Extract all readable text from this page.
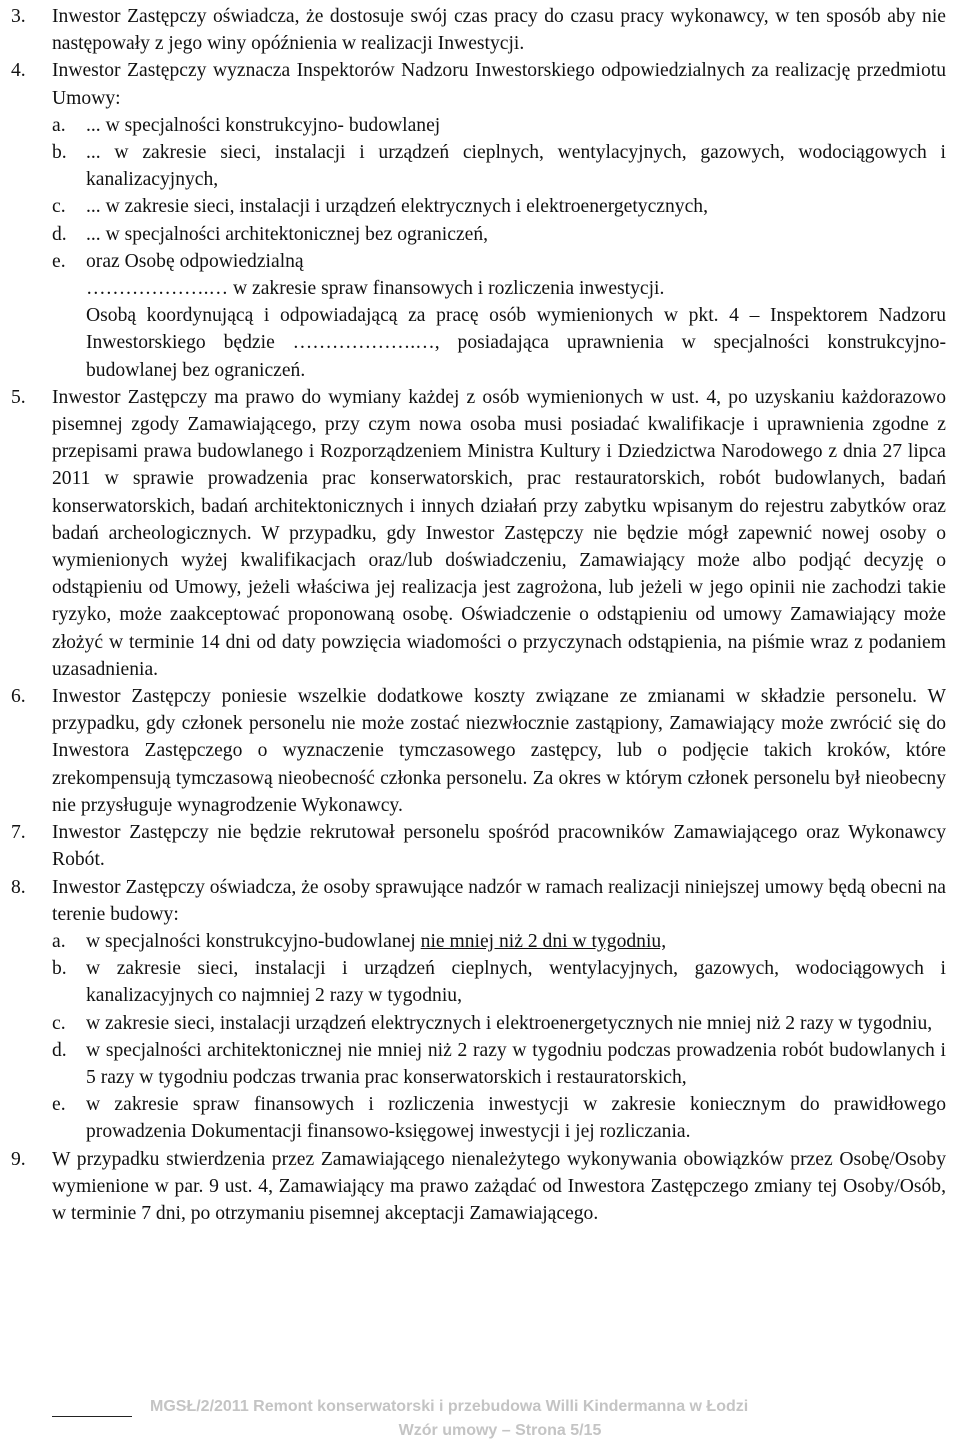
3. Inwestor Zastępczy oświadcza, że dostosuje swój czas pracy do czasu pracy wykonawcy, w ten sposób aby nie następowały z jego winy opóźnienia w realizacji Inwestycji.
4. Inwestor Zastępczy wyznacza Inspektorów Nadzoru Inwestorskiego odpowiedzialnych za realizację przedmiotu Umowy:
a. ... w specjalności konstrukcyjno- budowlanej
b. ... w zakresie sieci, instalacji i urządzeń cieplnych, wentylacyjnych, gazowych, wodociągowych i kanalizacyjnych,
c. ... w zakresie sieci, instalacji i urządzeń elektrycznych i elektroenergetycznych,
d. ... w specjalności architektonicznej bez ograniczeń,
e. oraz Osobę odpowiedzialną
……………….… w zakresie spraw finansowych i rozliczenia inwestycji.
Osobą koordynującą i odpowiadającą za pracę osób wymienionych w pkt. 4 – Inspektorem Nadzoru Inwestorskiego będzie ……………….…, posiadająca uprawnienia w specjalności konstrukcyjno-budowlanej bez ograniczeń.
5. Inwestor Zastępczy ma prawo do wymiany każdej z osób wymienionych w ust. 4, po uzyskaniu każdorazowo pisemnej zgody Zamawiającego, przy czym nowa osoba musi posiadać kwalifikacje i uprawnienia zgodne z przepisami prawa budowlanego i Rozporządzeniem Ministra Kultury i Dziedzictwa Narodowego z dnia 27 lipca 2011 w sprawie prowadzenia prac konserwatorskich, prac restauratorskich, robót budowlanych, badań konserwatorskich, badań architektonicznych i innych działań przy zabytku wpisanym do rejestru zabytków oraz badań archeologicznych. W przypadku, gdy Inwestor Zastępczy nie będzie mógł zapewnić nowej osoby o wymienionych wyżej kwalifikacjach oraz/lub doświadczeniu, Zamawiający może albo podjąć decyzję o odstąpieniu od Umowy, jeżeli właściwa jej realizacja jest zagrożona, lub jeżeli w jego opinii nie zachodzi takie ryzyko, może zaakceptować proponowaną osobę. Oświadczenie o odstąpieniu od umowy Zamawiający może złożyć w terminie 14 dni od daty powzięcia wiadomości o przyczynach odstąpienia, na piśmie wraz z podaniem uzasadnienia.
6. Inwestor Zastępczy poniesie wszelkie dodatkowe koszty związane ze zmianami w składzie personelu. W przypadku, gdy członek personelu nie może zostać niezwłocznie zastąpiony, Zamawiający może zwrócić się do Inwestora Zastępczego o wyznaczenie tymczasowego zastępcy, lub o podjęcie takich kroków, które zrekompensują tymczasową nieobecność członka personelu. Za okres w którym członek personelu był nieobecny nie przysługuje wynagrodzenie Wykonawcy.
7. Inwestor Zastępczy nie będzie rekrutował personelu spośród pracowników Zamawiającego oraz Wykonawcy Robót.
8. Inwestor Zastępczy oświadcza, że osoby sprawujące nadzór w ramach realizacji niniejszej umowy będą obecni na terenie budowy:
a. w specjalności konstrukcyjno-budowlanej nie mniej niż 2 dni w tygodniu,
b. w zakresie sieci, instalacji i urządzeń cieplnych, wentylacyjnych, gazowych, wodociągowych i kanalizacyjnych co najmniej 2 razy w tygodniu,
c. w zakresie sieci, instalacji urządzeń elektrycznych i elektroenergetycznych nie mniej niż 2 razy w tygodniu,
d. w specjalności architektonicznej nie mniej niż 2 razy w tygodniu podczas prowadzenia robót budowlanych i 5 razy w tygodniu podczas trwania prac konserwatorskich i restauratorskich,
e. w zakresie spraw finansowych i rozliczenia inwestycji w zakresie koniecznym do prawidłowego prowadzenia Dokumentacji finansowo-księgowej inwestycji i jej rozliczania.
9. W przypadku stwierdzenia przez Zamawiającego nienależytego wykonywania obowiązków przez Osobę/Osoby wymienione w par. 9 ust. 4, Zamawiający ma prawo zażądać od Inwestora Zastępczego zmiany tej Osoby/Osób, w terminie 7 dni, po otrzymaniu pisemnej akceptacji Zamawiającego.
MGSŁ/2/2011 Remont konserwatorski i przebudowa Willi Kindermanna w Łodzi
Wzór umowy – Strona 5/15
